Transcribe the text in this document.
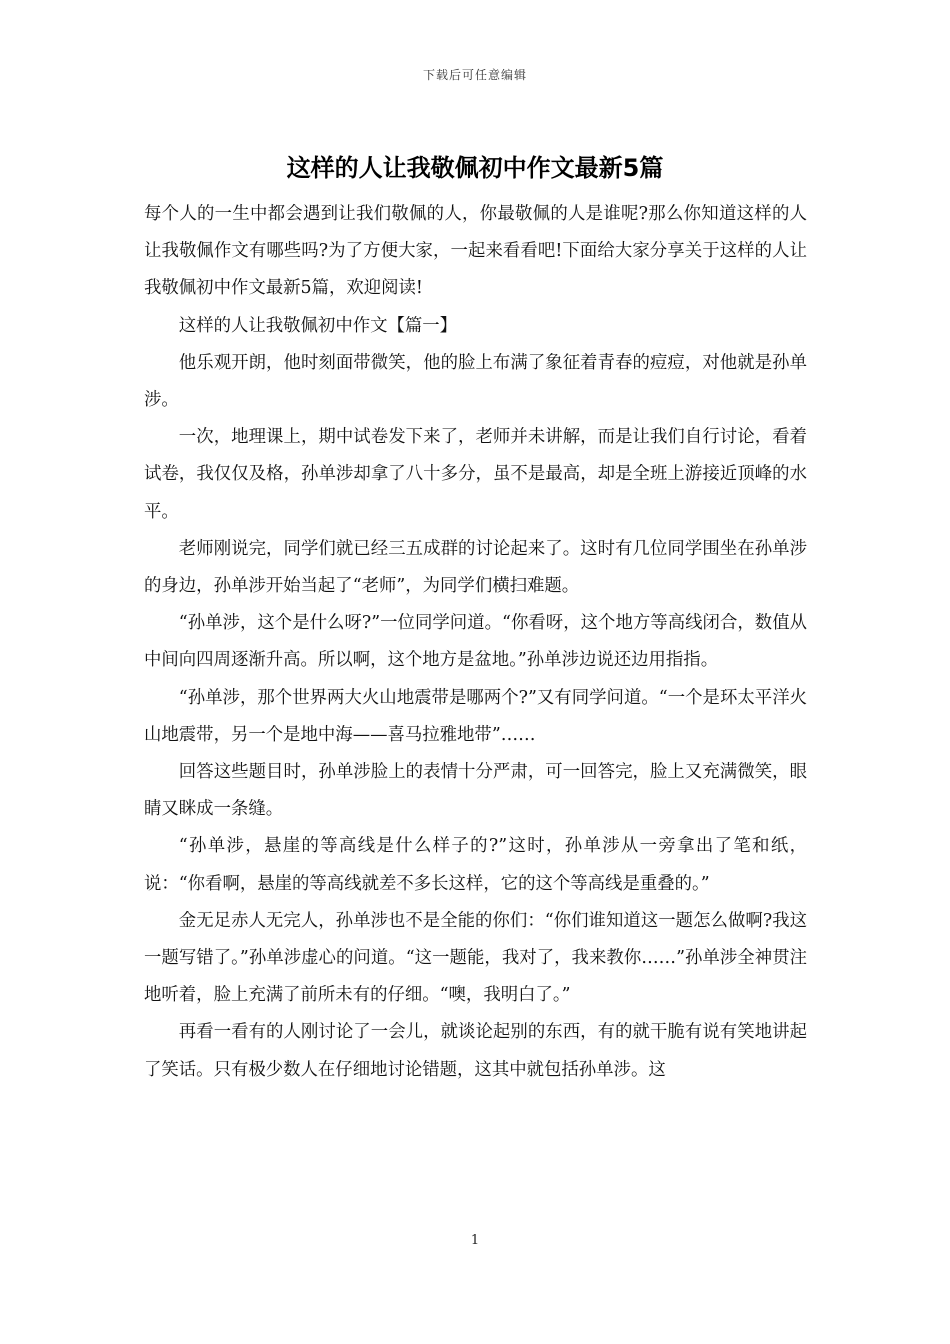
下载后可任意编辑
这样的人让我敬佩初中作文最新5篇

每个人的一生中都会遇到让我们敬佩的人，你最敬佩的人是谁呢?那么你知道这样的人让我敬佩作文有哪些吗?为了方便大家，一起来看看吧!下面给大家分享关于这样的人让我敬佩初中作文最新5篇，欢迎阅读!

这样的人让我敬佩初中作文【篇一】

他乐观开朗，他时刻面带微笑，他的脸上布满了象征着青春的痘痘，对他就是孙单涉。

一次，地理课上，期中试卷发下来了，老师并未讲解，而是让我们自行讨论，看着试卷，我仅仅及格，孙单涉却拿了八十多分，虽不是最高，却是全班上游接近顶峰的水平。

老师刚说完，同学们就已经三五成群的讨论起来了。这时有几位同学围坐在孙单涉的身边，孙单涉开始当起了“老师”，为同学们横扫难题。

“孙单涉，这个是什么呀?”一位同学问道。“你看呀，这个地方等高线闭合，数值从中间向四周逐渐升高。所以啊，这个地方是盆地。”孙单涉边说还边用指指。

“孙单涉，那个世界两大火山地震带是哪两个?”又有同学问道。“一个是环太平洋火山地震带，另一个是地中海——喜马拉雅地带”……

回答这些题目时，孙单涉脸上的表情十分严肃，可一回答完，脸上又充满微笑，眼睛又眯成一条缝。

“孙单涉，悬崖的等高线是什么样子的?”这时，孙单涉从一旁拿出了笔和纸，说：“你看啊，悬崖的等高线就差不多长这样，它的这个等高线是重叠的。”

金无足赤人无完人，孙单涉也不是全能的你们：“你们谁知道这一题怎么做啊?我这一题写错了。”孙单涉虚心的问道。“这一题能，我对了，我来教你……”孙单涉全神贯注地听着，脸上充满了前所未有的仔细。“噢，我明白了。”

再看一看有的人刚讨论了一会儿，就谈论起别的东西，有的就干脆有说有笑地讲起了笑话。只有极少数人在仔细地讨论错题，这其中就包括孙单涉。这

1
